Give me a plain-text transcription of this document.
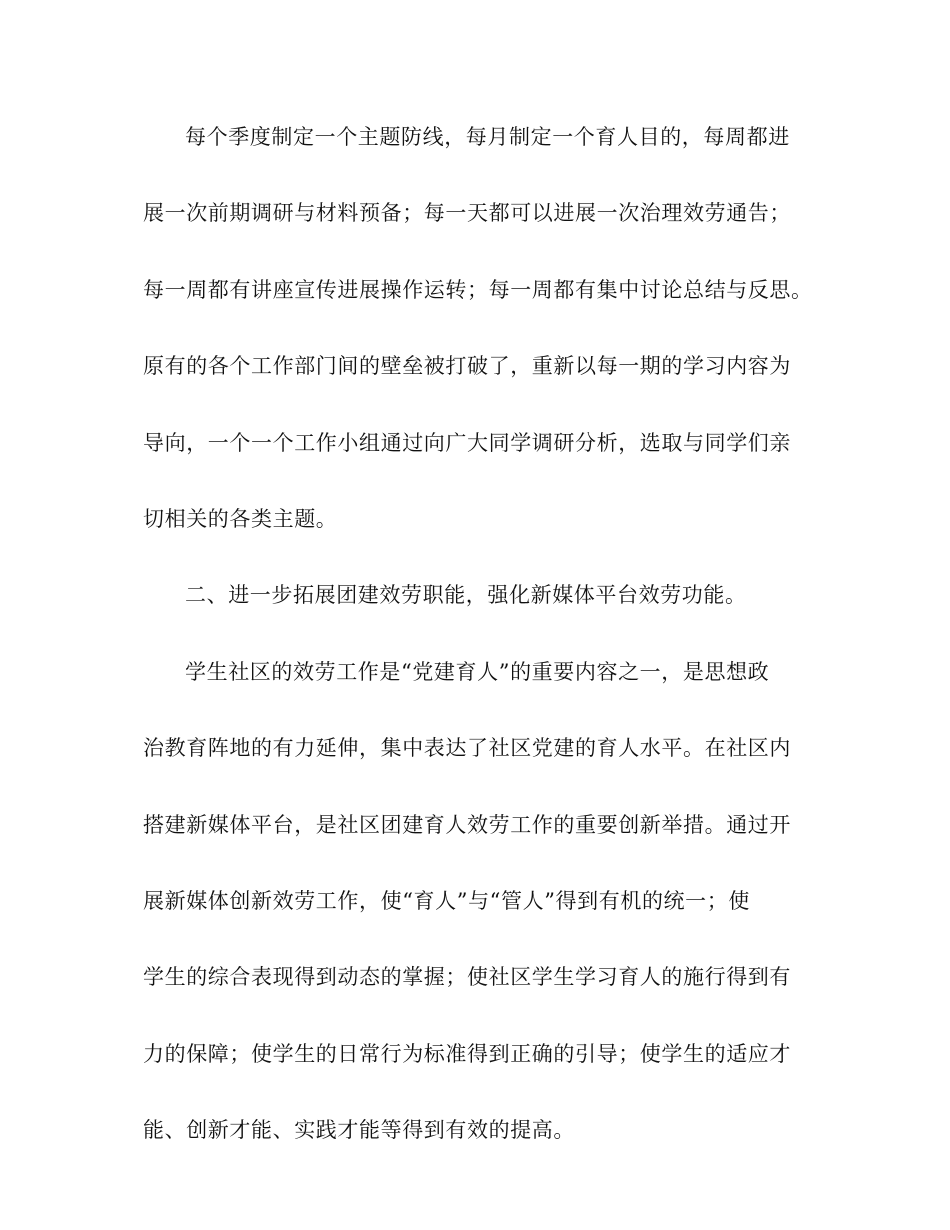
每个季度制定一个主题防线，每月制定一个育人目的，每周都进
展一次前期调研与材料预备；每一天都可以进展一次治理效劳通告；
每一周都有讲座宣传进展操作运转；每一周都有集中讨论总结与反思。
原有的各个工作部门间的壁垒被打破了，重新以每一期的学习内容为
导向，一个一个工作小组通过向广大同学调研分析，选取与同学们亲
切相关的各类主题。
二、进一步拓展团建效劳职能，强化新媒体平台效劳功能。
学生社区的效劳工作是“党建育人”的重要内容之一，是思想政
治教育阵地的有力延伸，集中表达了社区党建的育人水平。在社区内
搭建新媒体平台，是社区团建育人效劳工作的重要创新举措。通过开
展新媒体创新效劳工作，使“育人”与“管人”得到有机的统一；使
学生的综合表现得到动态的掌握；使社区学生学习育人的施行得到有
力的保障；使学生的日常行为标准得到正确的引导；使学生的适应才
能、创新才能、实践才能等得到有效的提高。
